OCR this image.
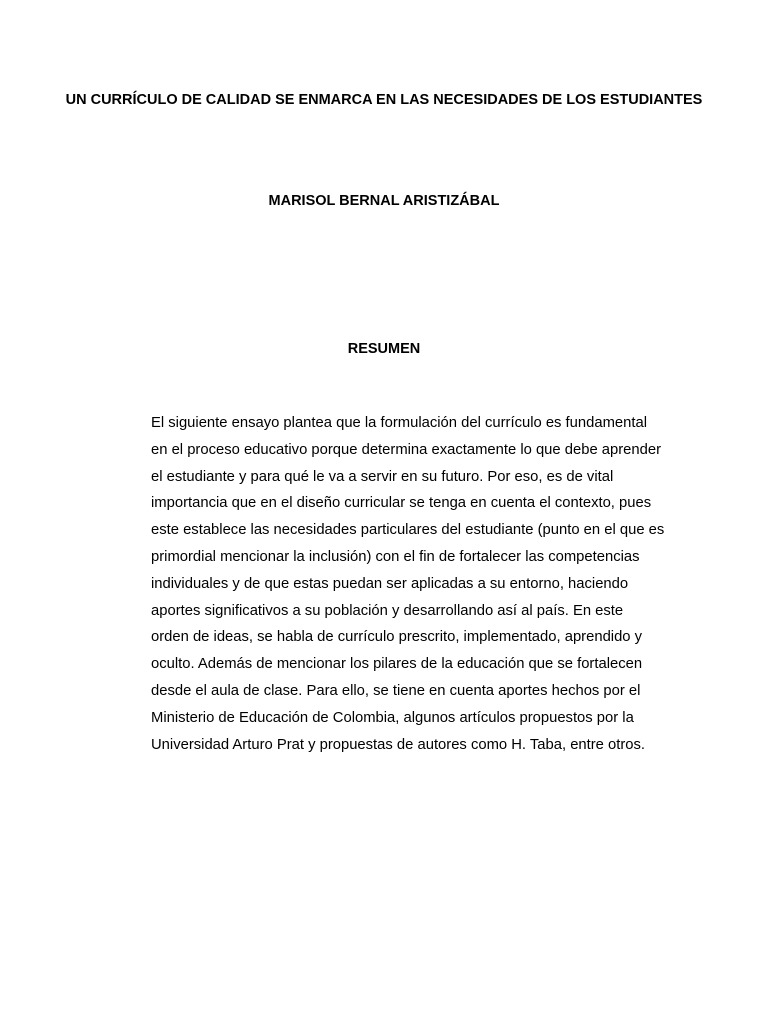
UN CURRÍCULO DE CALIDAD SE ENMARCA EN LAS NECESIDADES DE LOS ESTUDIANTES

MARISOL BERNAL ARISTIZÁBAL

RESUMEN

El siguiente ensayo plantea que la formulación del currículo es fundamental en el proceso educativo porque determina exactamente lo que debe aprender el estudiante y para qué le va a servir en su futuro. Por eso, es de vital importancia que en el diseño curricular se tenga en cuenta el contexto, pues este establece las necesidades particulares del estudiante (punto en el que es primordial mencionar la inclusión) con el fin de fortalecer las competencias individuales y de que estas puedan ser aplicadas a su entorno, haciendo aportes significativos a su población y desarrollando así al país. En este orden de ideas, se habla de currículo prescrito, implementado, aprendido y oculto. Además de mencionar los pilares de la educación que se fortalecen desde el aula de clase. Para ello, se tiene en cuenta aportes hechos por el Ministerio de Educación de Colombia, algunos artículos propuestos por la Universidad Arturo Prat y propuestas de autores como H. Taba, entre otros.
